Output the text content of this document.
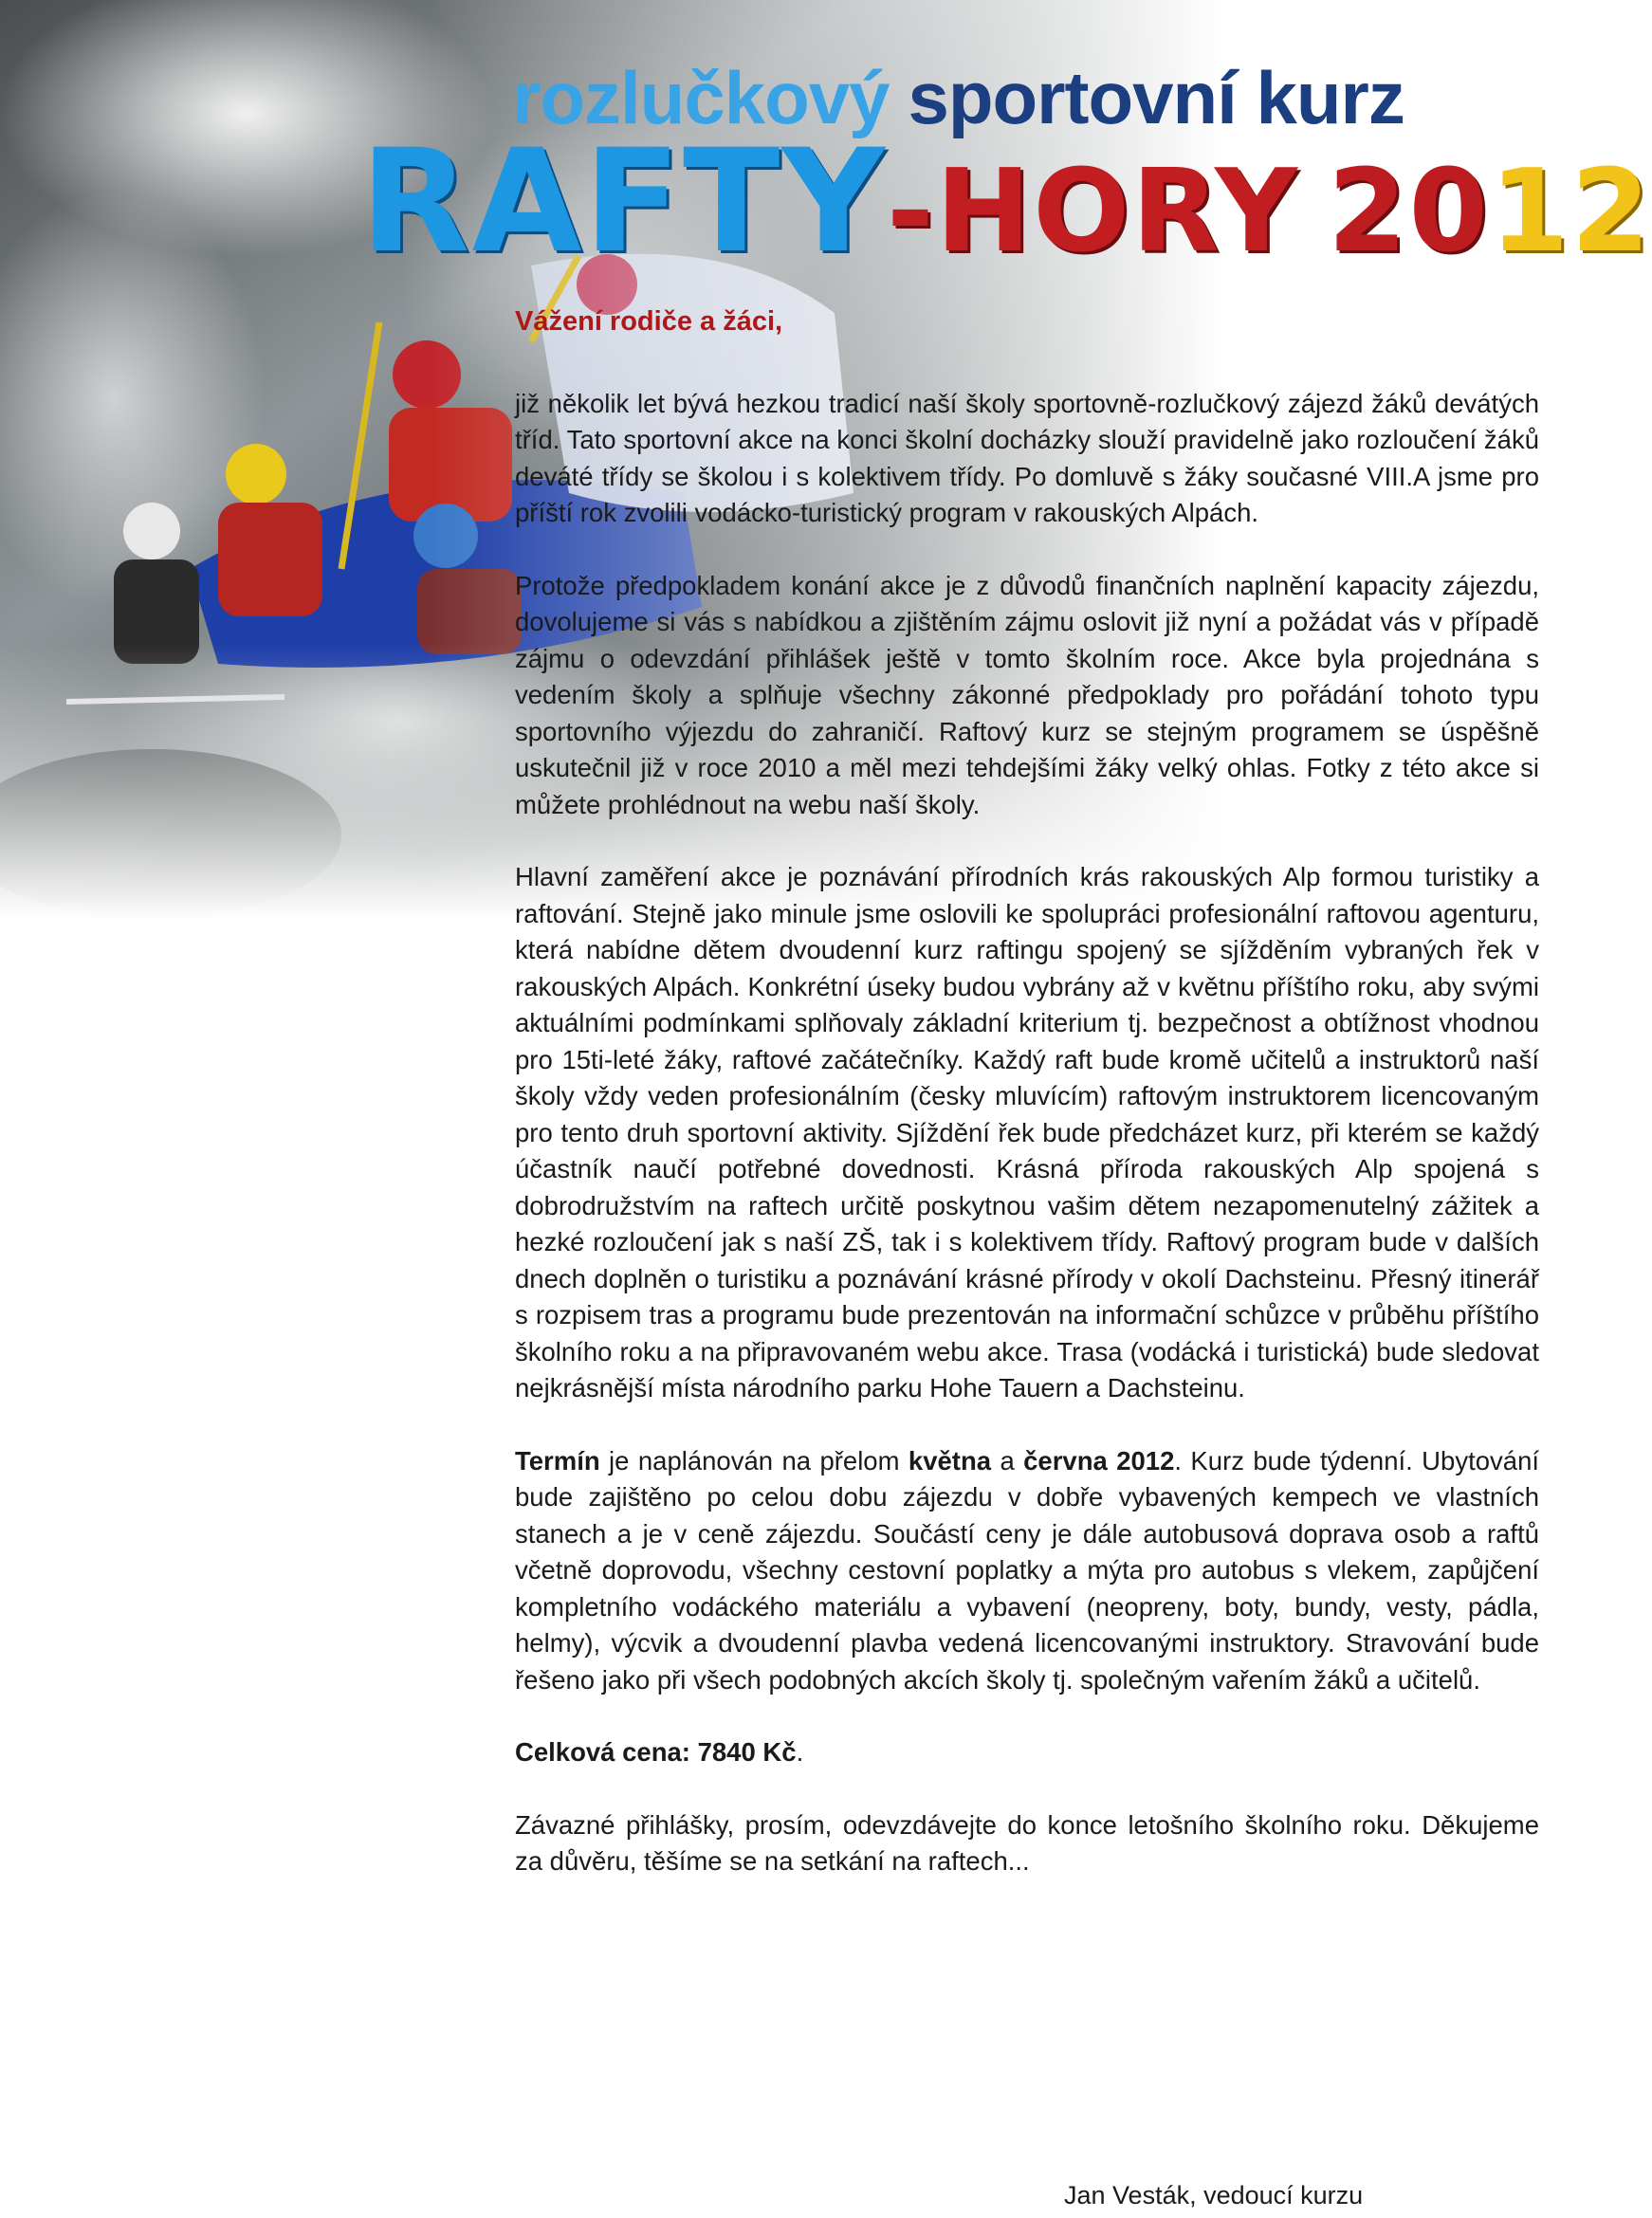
rozlučkový sportovní kurz
RAFTY-HORY 2012
Vážení rodiče a žáci,

již několik let bývá hezkou tradicí naší školy sportovně-rozlučkový zájezd žáků devátých tříd. Tato sportovní akce na konci školní docházky slouží pravidelně jako rozloučení žáků deváté třídy se školou i s kolektivem třídy. Po domluvě s žáky současné VIII.A jsme pro příští rok zvolili vodácko-turistický program v rakouských Alpách.

Protože předpokladem konání akce je z důvodů finančních naplnění kapacity zájezdu, dovolujeme si vás s nabídkou a zjištěním zájmu oslovit již nyní a požádat vás v případě zájmu o odevzdání přihlášek ještě v tomto školním roce. Akce byla projednána s vedením školy a splňuje všechny zákonné předpoklady pro pořádání tohoto typu sportovního výjezdu do zahraničí. Raftový kurz se stejným programem se úspěšně uskutečnil již v roce 2010 a měl mezi tehdejšími žáky velký ohlas. Fotky z této akce si můžete prohlédnout na webu naší školy.

Hlavní zaměření akce je poznávání přírodních krás rakouských Alp formou turistiky a raftování. Stejně jako minule jsme oslovili ke spolupráci profesionální raftovou agenturu, která nabídne dětem dvoudenní kurz raftingu spojený se sjížděním vybraných řek v rakouských Alpách. Konkrétní úseky budou vybrány až v květnu příštího roku, aby svými aktuálními podmínkami splňovaly základní kriterium tj. bezpečnost a obtížnost vhodnou pro 15ti-leté žáky, raftové začátečníky. Každý raft bude kromě učitelů a instruktorů naší školy vždy veden profesionálním (česky mluvícím) raftovým instruktorem licencovaným pro tento druh sportovní aktivity. Sjíždění řek bude předcházet kurz, při kterém se každý účastník naučí potřebné dovednosti. Krásná příroda rakouských Alp spojená s dobrodružstvím na raftech určitě poskytnou vašim dětem nezapomenutelný zážitek a hezké rozloučení jak s naší ZŠ, tak i s kolektivem třídy. Raftový program bude v dalších dnech doplněn o turistiku a poznávání krásné přírody v okolí Dachsteinu. Přesný itinerář s rozpisem tras a programu bude prezentován na informační schůzce v průběhu příštího školního roku a na připravovaném webu akce. Trasa (vodácká i turistická) bude sledovat nejkrásnější místa národního parku Hohe Tauern a Dachsteinu.

Termín je naplánován na přelom května a června 2012. Kurz bude týdenní. Ubytování bude zajištěno po celou dobu zájezdu v dobře vybavených kempech ve vlastních stanech a je v ceně zájezdu. Součástí ceny je dále autobusová doprava osob a raftů včetně doprovodu, všechny cestovní poplatky a mýta pro autobus s vlekem, zapůjčení kompletního vodáckého materiálu a vybavení (neopreny, boty, bundy, vesty, pádla, helmy), výcvik a dvoudenní plavba vedená licencovanými instruktory. Stravování bude řešeno jako při všech podobných akcích školy tj. společným vařením žáků a učitelů.

Celková cena: 7840 Kč.

Závazné přihlášky, prosím, odevzdávejte do konce letošního školního roku. Děkujeme za důvěru, těšíme se na setkání na raftech...

Jan Vesták, vedoucí kurzu
